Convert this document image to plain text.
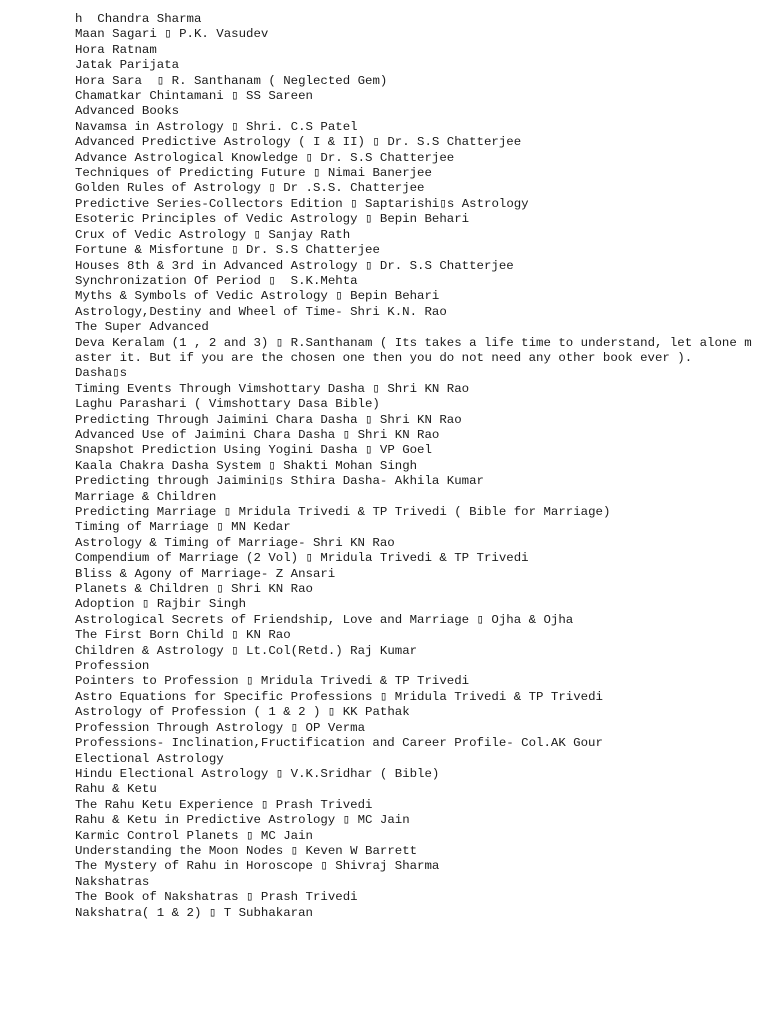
h  Chandra Sharma

Maan Sagari ▯ P.K. Vasudev

Hora Ratnam

Jatak Parijata

Hora Sara  ▯ R. Santhanam ( Neglected Gem)

Chamatkar Chintamani ▯ SS Sareen

Advanced Books

Navamsa in Astrology ▯ Shri. C.S Patel

Advanced Predictive Astrology ( I & II) ▯ Dr. S.S Chatterjee

Advance Astrological Knowledge ▯ Dr. S.S Chatterjee

Techniques of Predicting Future ▯ Nimai Banerjee

Golden Rules of Astrology ▯ Dr .S.S. Chatterjee

Predictive Series-Collectors Edition ▯ Saptarishi▯s Astrology

Esoteric Principles of Vedic Astrology ▯ Bepin Behari

Crux of Vedic Astrology ▯ Sanjay Rath

Fortune & Misfortune ▯ Dr. S.S Chatterjee

Houses 8th & 3rd in Advanced Astrology ▯ Dr. S.S Chatterjee

Synchronization Of Period ▯  S.K.Mehta

Myths & Symbols of Vedic Astrology ▯ Bepin Behari

Astrology,Destiny and Wheel of Time- Shri K.N. Rao

The Super Advanced

Deva Keralam (1 , 2 and 3) ▯ R.Santhanam ( Its takes a life time to understand, let alone master it. But if you are the chosen one then you do not need any other book ever ).

Dasha▯s

Timing Events Through Vimshottary Dasha ▯ Shri KN Rao

Laghu Parashari ( Vimshottary Dasa Bible)

Predicting Through Jaimini Chara Dasha ▯ Shri KN Rao

Advanced Use of Jaimini Chara Dasha ▯ Shri KN Rao

Snapshot Prediction Using Yogini Dasha ▯ VP Goel

Kaala Chakra Dasha System ▯ Shakti Mohan Singh

Predicting through Jaimini▯s Sthira Dasha- Akhila Kumar

Marriage & Children

Predicting Marriage ▯ Mridula Trivedi & TP Trivedi ( Bible for Marriage)

Timing of Marriage ▯ MN Kedar

Astrology & Timing of Marriage- Shri KN Rao

Compendium of Marriage (2 Vol) ▯ Mridula Trivedi & TP Trivedi

Bliss & Agony of Marriage- Z Ansari

Planets & Children ▯ Shri KN Rao

Adoption ▯ Rajbir Singh

Astrological Secrets of Friendship, Love and Marriage ▯ Ojha & Ojha

The First Born Child ▯ KN Rao

Children & Astrology ▯ Lt.Col(Retd.) Raj Kumar

Profession

Pointers to Profession ▯ Mridula Trivedi & TP Trivedi

Astro Equations for Specific Professions ▯ Mridula Trivedi & TP Trivedi

Astrology of Profession ( 1 & 2 ) ▯ KK Pathak

Profession Through Astrology ▯ OP Verma

Professions- Inclination,Fructification and Career Profile- Col.AK Gour

Electional Astrology

Hindu Electional Astrology ▯ V.K.Sridhar ( Bible)

Rahu & Ketu

The Rahu Ketu Experience ▯ Prash Trivedi

Rahu & Ketu in Predictive Astrology ▯ MC Jain

Karmic Control Planets ▯ MC Jain

Understanding the Moon Nodes ▯ Keven W Barrett

The Mystery of Rahu in Horoscope ▯ Shivraj Sharma

Nakshatras

The Book of Nakshatras ▯ Prash Trivedi

Nakshatra( 1 & 2) ▯ T Subhakaran
